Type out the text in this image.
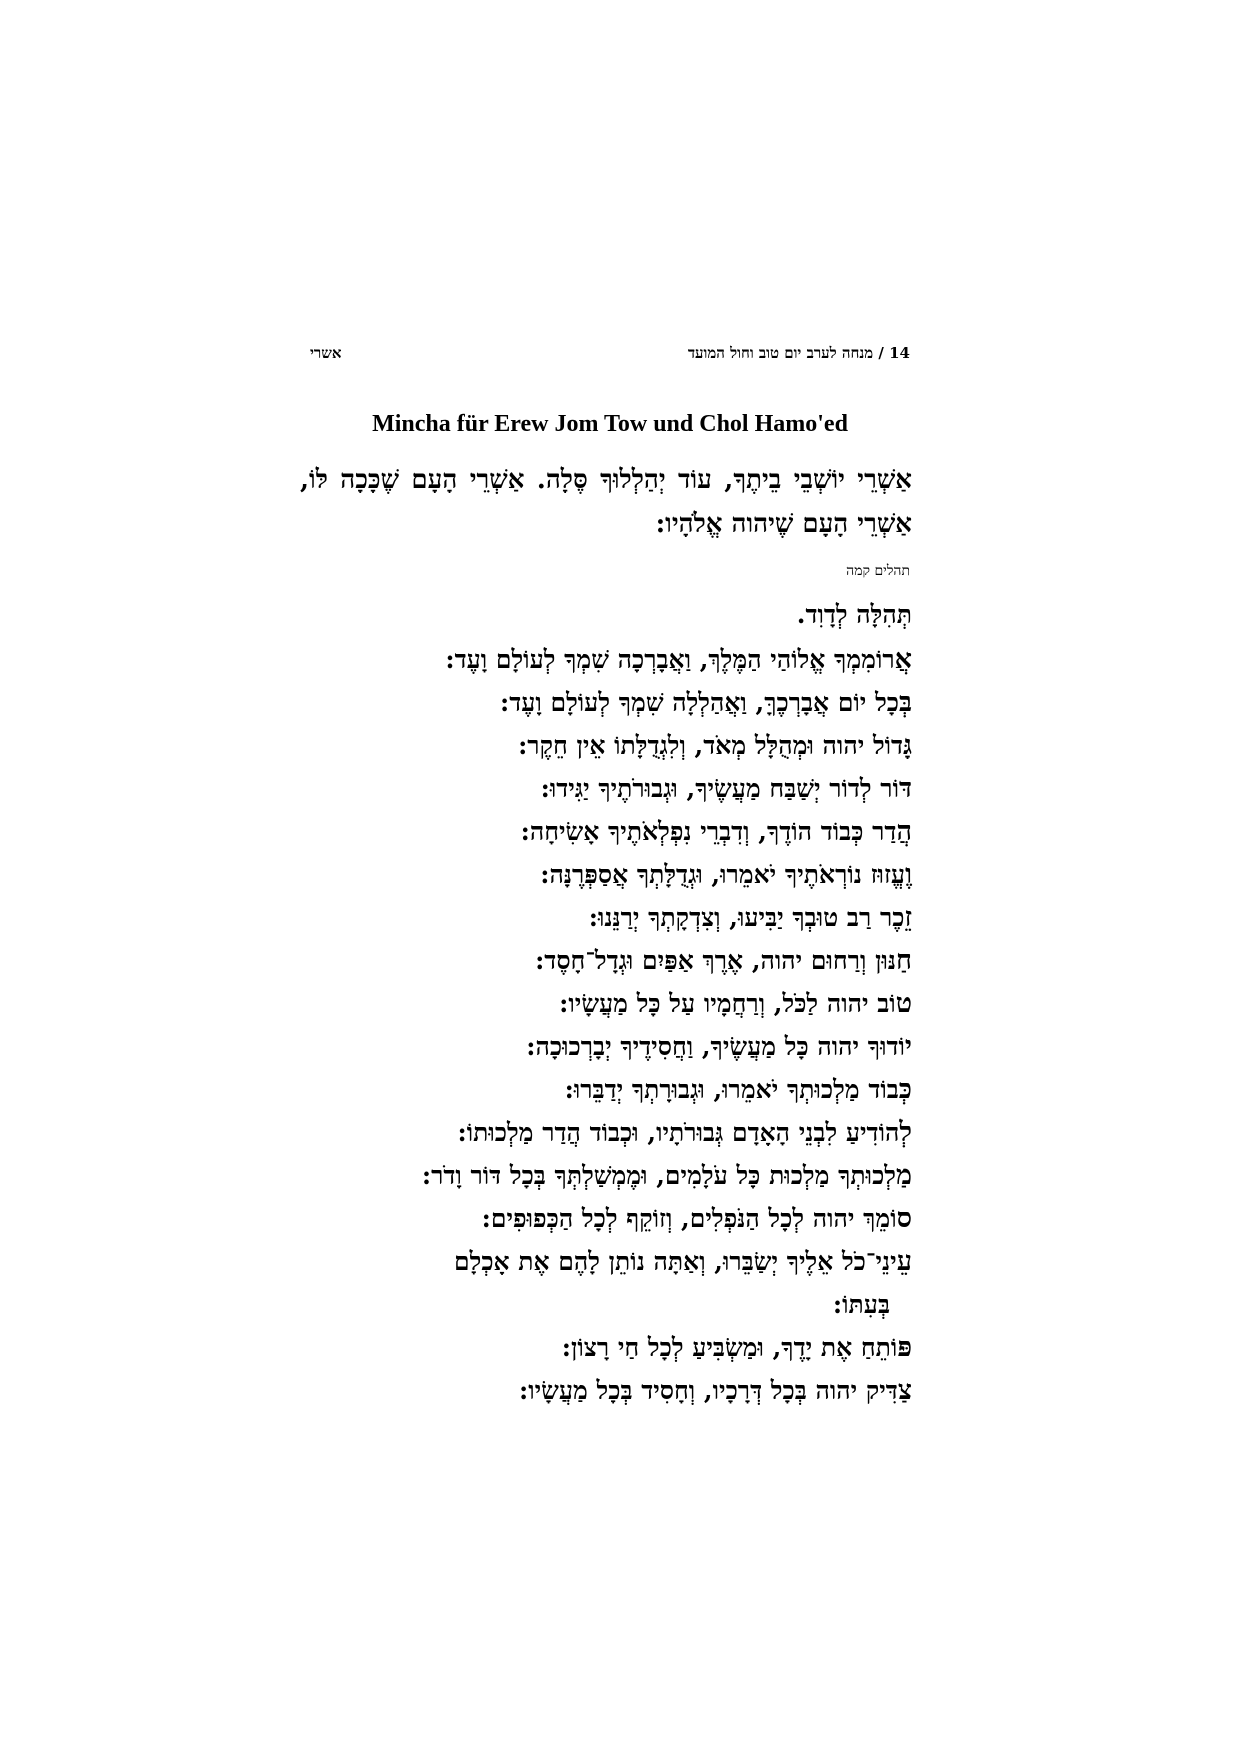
14 / מנחה לערב יום טוב וחול המועד
אשרי
Mincha für Erew Jom Tow und Chol Hamo'ed
אַשְׁרֵי יוֹשְׁבֵי בֵיתֶךָ, עוֹד יְהַלְלוּךָ סֶּלָה. אַשְׁרֵי הָעָם שֶׁכָּכָה לּוֹ, אַשְׁרֵי הָעָם שֶׁיהוה אֱלֹהָיו:
תהלים קמה
תְּהִלָּה לְדָוִד.
אֲרוֹמִמְךָ אֱלוֹהַי הַמֶּלֶךְ, וַאֲבָרְכָה שִׁמְךָ לְעוֹלָם וָעֶד:
בְּכָל יוֹם אֲבָרְכֶךָּ, וַאֲהַלְלָה שִׁמְךָ לְעוֹלָם וָעֶד:
גָּדוֹל יהוה וּמְהֻלָּל מְאֹד, וְלִגְדֻלָּתוֹ אֵין חֵקֶר:
דּוֹר לְדוֹר יְשַׁבַּח מַעֲשֶׂיךָ, וּגְבוּרֹתֶיךָ יַגִּידוּ:
הֲדַר כְּבוֹד הוֹדֶךָ, וְדִבְרֵי נִפְלְאֹתֶיךָ אָשִׂיחָה:
וֶעֱזוּז נוֹרְאֹתֶיךָ יֹאמֵרוּ, וּגְדֻלָּתְךָ אֲסַפְּרֶנָּה:
זֵכֶר רַב טוּבְךָ יַבִּיעוּ, וְצִדְקָתְךָ יְרַנֵּנוּ:
חַנּוּן וְרַחוּם יהוה, אֶרֶךְ אַפַּיִם וּגְדָל־חָסֶד:
טוֹב יהוה לַכֹּל, וְרַחֲמָיו עַל כָּל מַעֲשָׂיו:
יוֹדוּךָ יהוה כָּל מַעֲשֶׂיךָ, וַחֲסִידֶיךָ יְבָרְכוּכָה:
כְּבוֹד מַלְכוּתְךָ יֹאמֵרוּ, וּגְבוּרָתְךָ יְדַבֵּרוּ:
לְהוֹדִיעַ לִבְנֵי הָאָדָם גְּבוּרֹתָיו, וּכְבוֹד הֲדַר מַלְכוּתוֹ:
מַלְכוּתְךָ מַלְכוּת כָּל עֹלָמִים, וּמֶמְשַׁלְתְּךָ בְּכָל דּוֹר וָדֹר:
סוֹמֵךְ יהוה לְכָל הַנֹּפְלִים, וְזוֹקֵף לְכָל הַכְּפוּפִים:
עֵינֵי־כֹל אֵלֶיךָ יְשַׂבֵּרוּ, וְאַתָּה נוֹתֵן לָהֶם אֶת אָכְלָם
בְּעִתּוֹ:
פּוֹתֵחַ אֶת יָדֶךָ, וּמַשְׂבִּיעַ לְכָל חַי רָצוֹן:
צַדִּיק יהוה בְּכָל דְּרָכָיו, וְחָסִיד בְּכָל מַעֲשָׂיו:
